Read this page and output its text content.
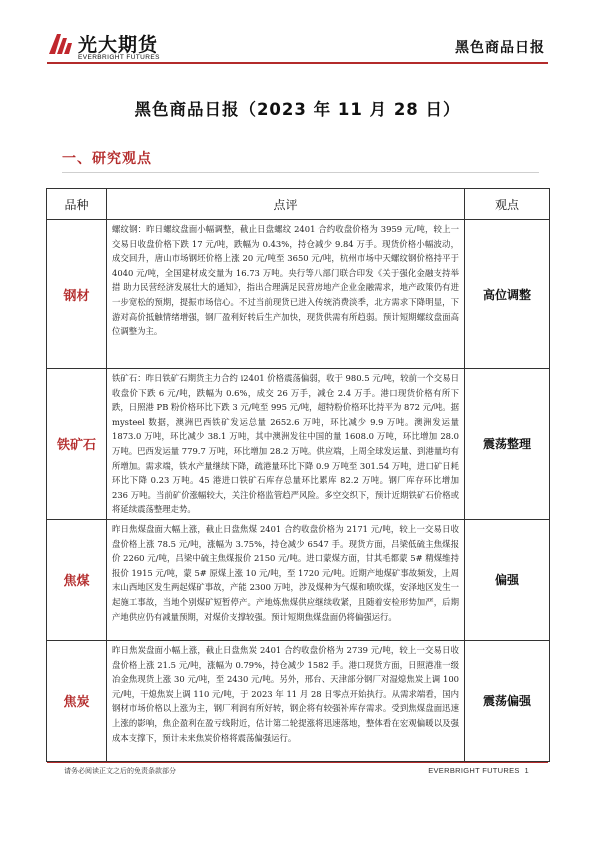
光大期货
EVERBRIGHT FUTURES
黑色商品日报
黑色商品日报（2023 年 11 月 28 日）
一、研究观点
品种	点评	观点
钢材	螺纹钢：昨日螺纹盘面小幅调整，截止日盘螺纹 2401 合约收盘价格为 3959 元/吨，较上一交易日收盘价格下跌 17 元/吨，跌幅为 0.43%，持仓减少 9.84 万手。现货价格小幅波动，成交回升，唐山市场钢坯价格上涨 20 元/吨至 3650 元/吨，杭州市场中天螺纹钢价格持平于 4040 元/吨，全国建材成交量为 16.73 万吨。央行等八部门联合印发《关于强化金融支持举措 助力民营经济发展壮大的通知》，指出合理满足民营房地产企业金融需求，地产政策仍有进一步宽松的预期，提振市场信心。不过当前现货已进入传统消费淡季，北方需求下降明显，下游对高价抵触情绪增强，钢厂盈利好转后生产加快，现货供需有所趋弱。预计短期螺纹盘面高位调整为主。	高位调整
铁矿石	铁矿石：昨日铁矿石期货主力合约 i2401 价格震荡偏弱，收于 980.5 元/吨，较前一个交易日收盘价下跌 6 元/吨，跌幅为 0.6%，成交 26 万手，减仓 2.4 万手。港口现货价格有所下跌，日照港 PB 粉价格环比下跌 3 元/吨至 995 元/吨，超特粉价格环比持平为 872 元/吨。据 mysteel 数据，澳洲巴西铁矿发运总量 2652.6 万吨，环比减少 9.9 万吨。澳洲发运量 1873.0 万吨，环比减少 38.1 万吨，其中澳洲发往中国的量 1608.0 万吨，环比增加 28.0 万吨。巴西发运量 779.7 万吨，环比增加 28.2 万吨。供应端，上周全球发运量、到港量均有所增加。需求端，铁水产量继续下降，疏港量环比下降 0.9 万吨至 301.54 万吨，进口矿日耗环比下降 0.23 万吨。45 港进口铁矿石库存总量环比累库 82.2 万吨。钢厂库存环比增加 236 万吨。当前矿价涨幅较大，关注价格监管趋严风险。多空交织下，预计近期铁矿石价格或将延续震荡整理走势。	震荡整理
焦煤	昨日焦煤盘面大幅上涨，截止日盘焦煤 2401 合约收盘价格为 2171 元/吨，较上一交易日收盘价格上涨 78.5 元/吨，涨幅为 3.75%，持仓减少 6547 手。现货方面，吕梁低硫主焦煤报价 2260 元/吨，吕梁中硫主焦煤报价 2150 元/吨。进口蒙煤方面，甘其毛都蒙 5# 精煤维持报价 1915 元/吨，蒙 5# 原煤上涨 10 元/吨，至 1720 元/吨。近期产地煤矿事故频发，上周末山西地区发生两起煤矿事故，产能 2300 万吨，涉及煤种为气煤和喷吹煤，安泽地区发生一起施工事故，当地个别煤矿短暂停产。产地炼焦煤供应继续收紧，且随着安检形势加严，后期产地供应仍有减量预期，对煤价支撑较强。预计短期焦煤盘面仍将偏强运行。	偏强
焦炭	昨日焦炭盘面小幅上涨，截止日盘焦炭 2401 合约收盘价格为 2739 元/吨，较上一交易日收盘价格上涨 21.5 元/吨，涨幅为 0.79%，持仓减少 1582 手。港口现货方面，日照港准一级冶金焦现货上涨 30 元/吨，至 2430 元/吨。另外，邢台、天津部分钢厂对湿熄焦炭上调 100 元/吨，干熄焦炭上调 110 元/吨，于 2023 年 11 月 28 日零点开始执行。从需求端看，国内钢材市场价格以上涨为主，钢厂利润有所好转，钢企将有较强补库存需求。受到焦煤盘面迅速上涨的影响，焦企盈利在盈亏线附近，估计第二轮提涨将迅速落地，整体看在宏观偏暖以及强成本支撑下，预计未来焦炭价格将震荡偏强运行。	震荡偏强
请务必阅读正文之后的免责条款部分	EVERBRIGHT FUTURES 1
